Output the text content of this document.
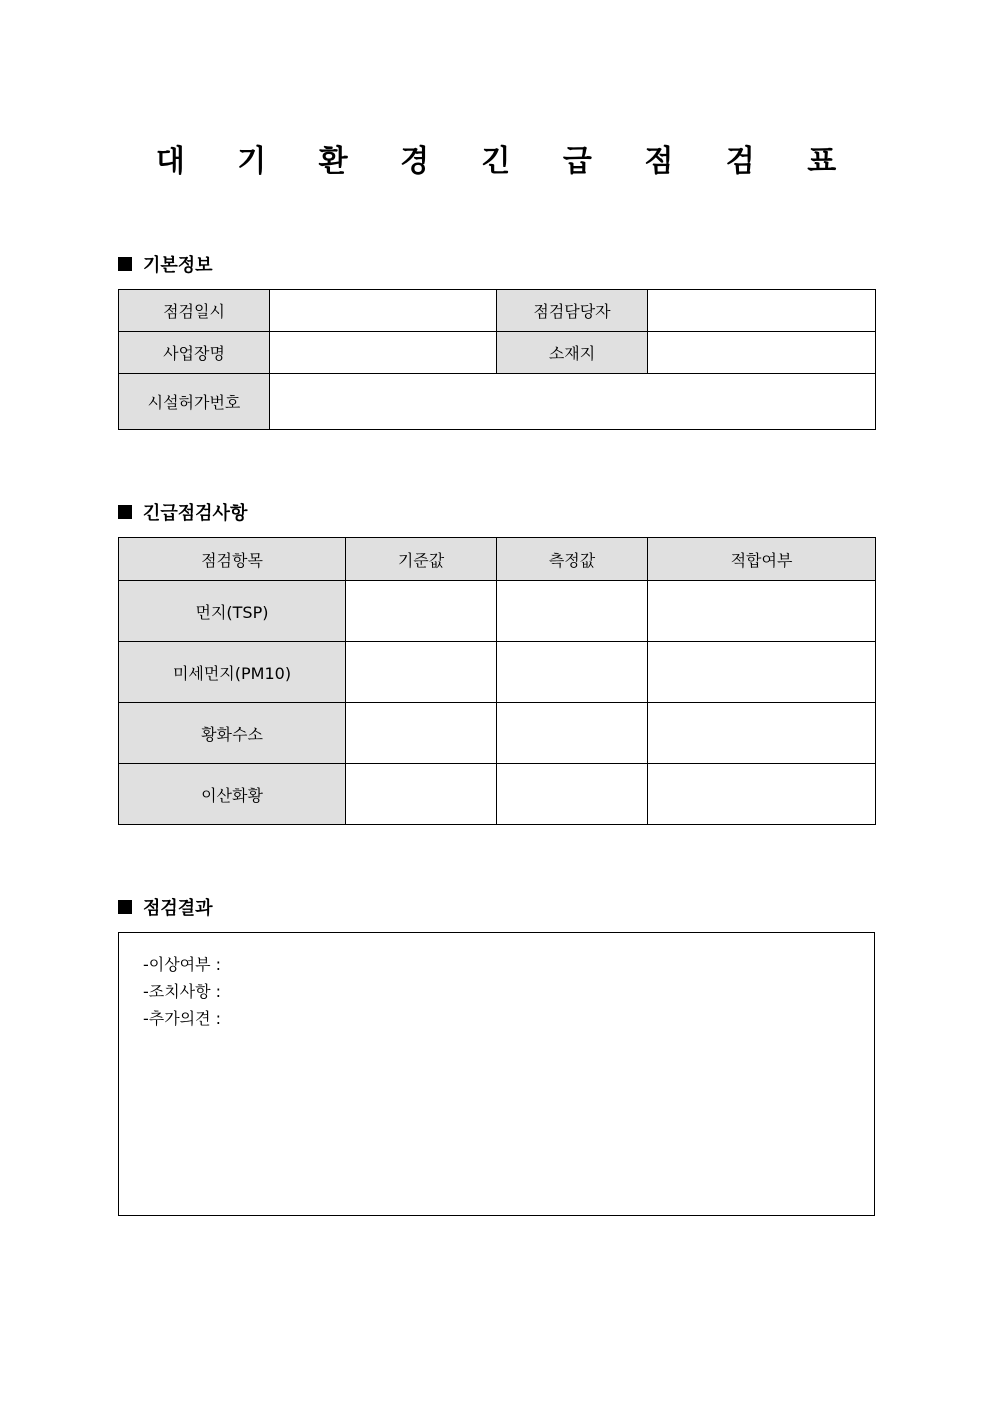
대 기 환 경 긴 급 점 검 표
기본정보
점검일시		점검담당자	
사업장명		소재지	
시설허가번호			
긴급점검사항
점검항목	기준값	측정값	적합여부
먼지(TSP)			
미세먼지(PM10)			
황화수소			
이산화황			
점검결과
-이상여부 :
-조치사항 :
-추가의견 :
